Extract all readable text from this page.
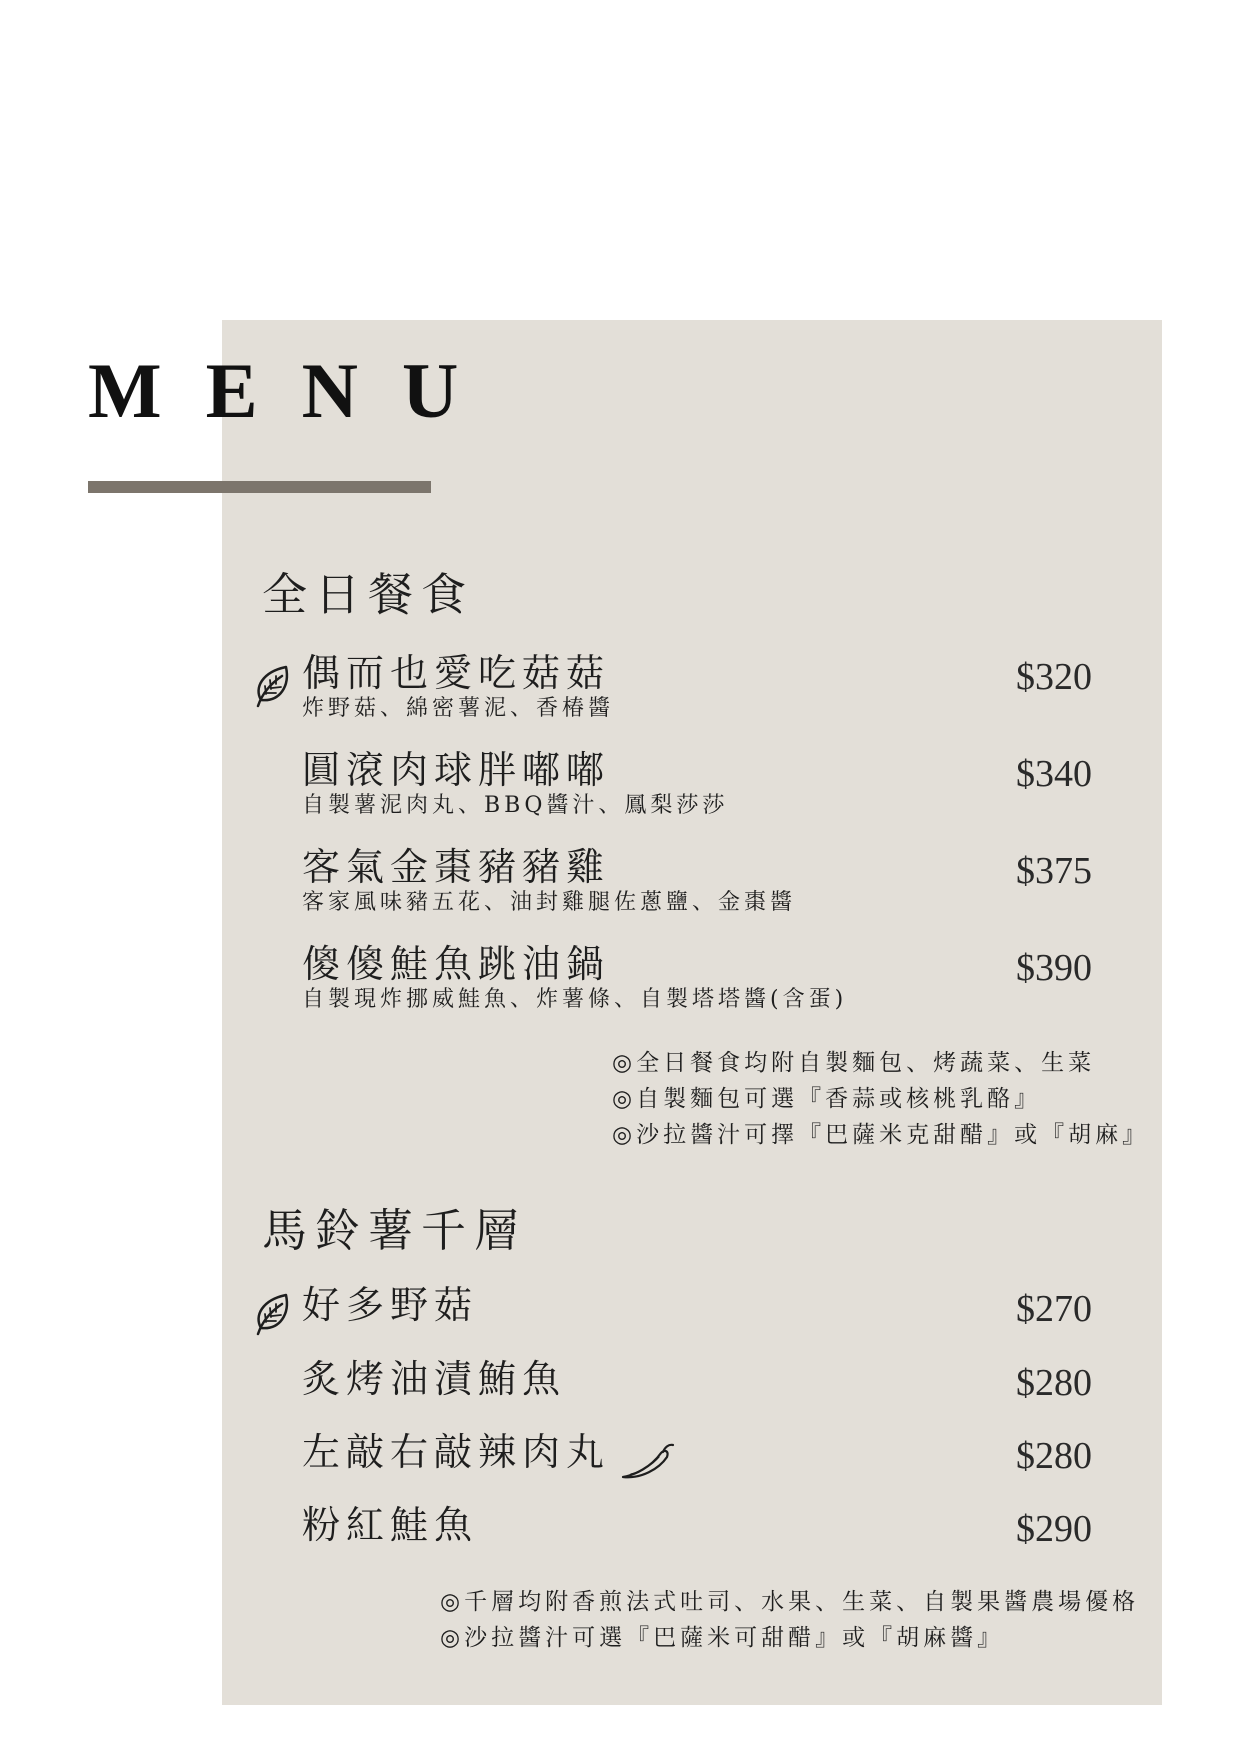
MENU
全日餐食
偶而也愛吃菇菇
炸野菇、綿密薯泥、香椿醬
$320
圓滾肉球胖嘟嘟
自製薯泥肉丸、BBQ醬汁、鳳梨莎莎
$340
客氣金棗豬豬雞
客家風味豬五花、油封雞腿佐蔥鹽、金棗醬
$375
傻傻鮭魚跳油鍋
自製現炸挪威鮭魚、炸薯條、自製塔塔醬(含蛋)
$390
◎全日餐食均附自製麵包、烤蔬菜、生菜
◎自製麵包可選『香蒜或核桃乳酪』
◎沙拉醬汁可擇『巴薩米克甜醋』或『胡麻』
馬鈴薯千層
好多野菇	$270
炙烤油漬鮪魚	$280
左敲右敲辣肉丸	$280
粉紅鮭魚	$290
◎千層均附香煎法式吐司、水果、生菜、自製果醬農場優格
◎沙拉醬汁可選『巴薩米可甜醋』或『胡麻醬』
